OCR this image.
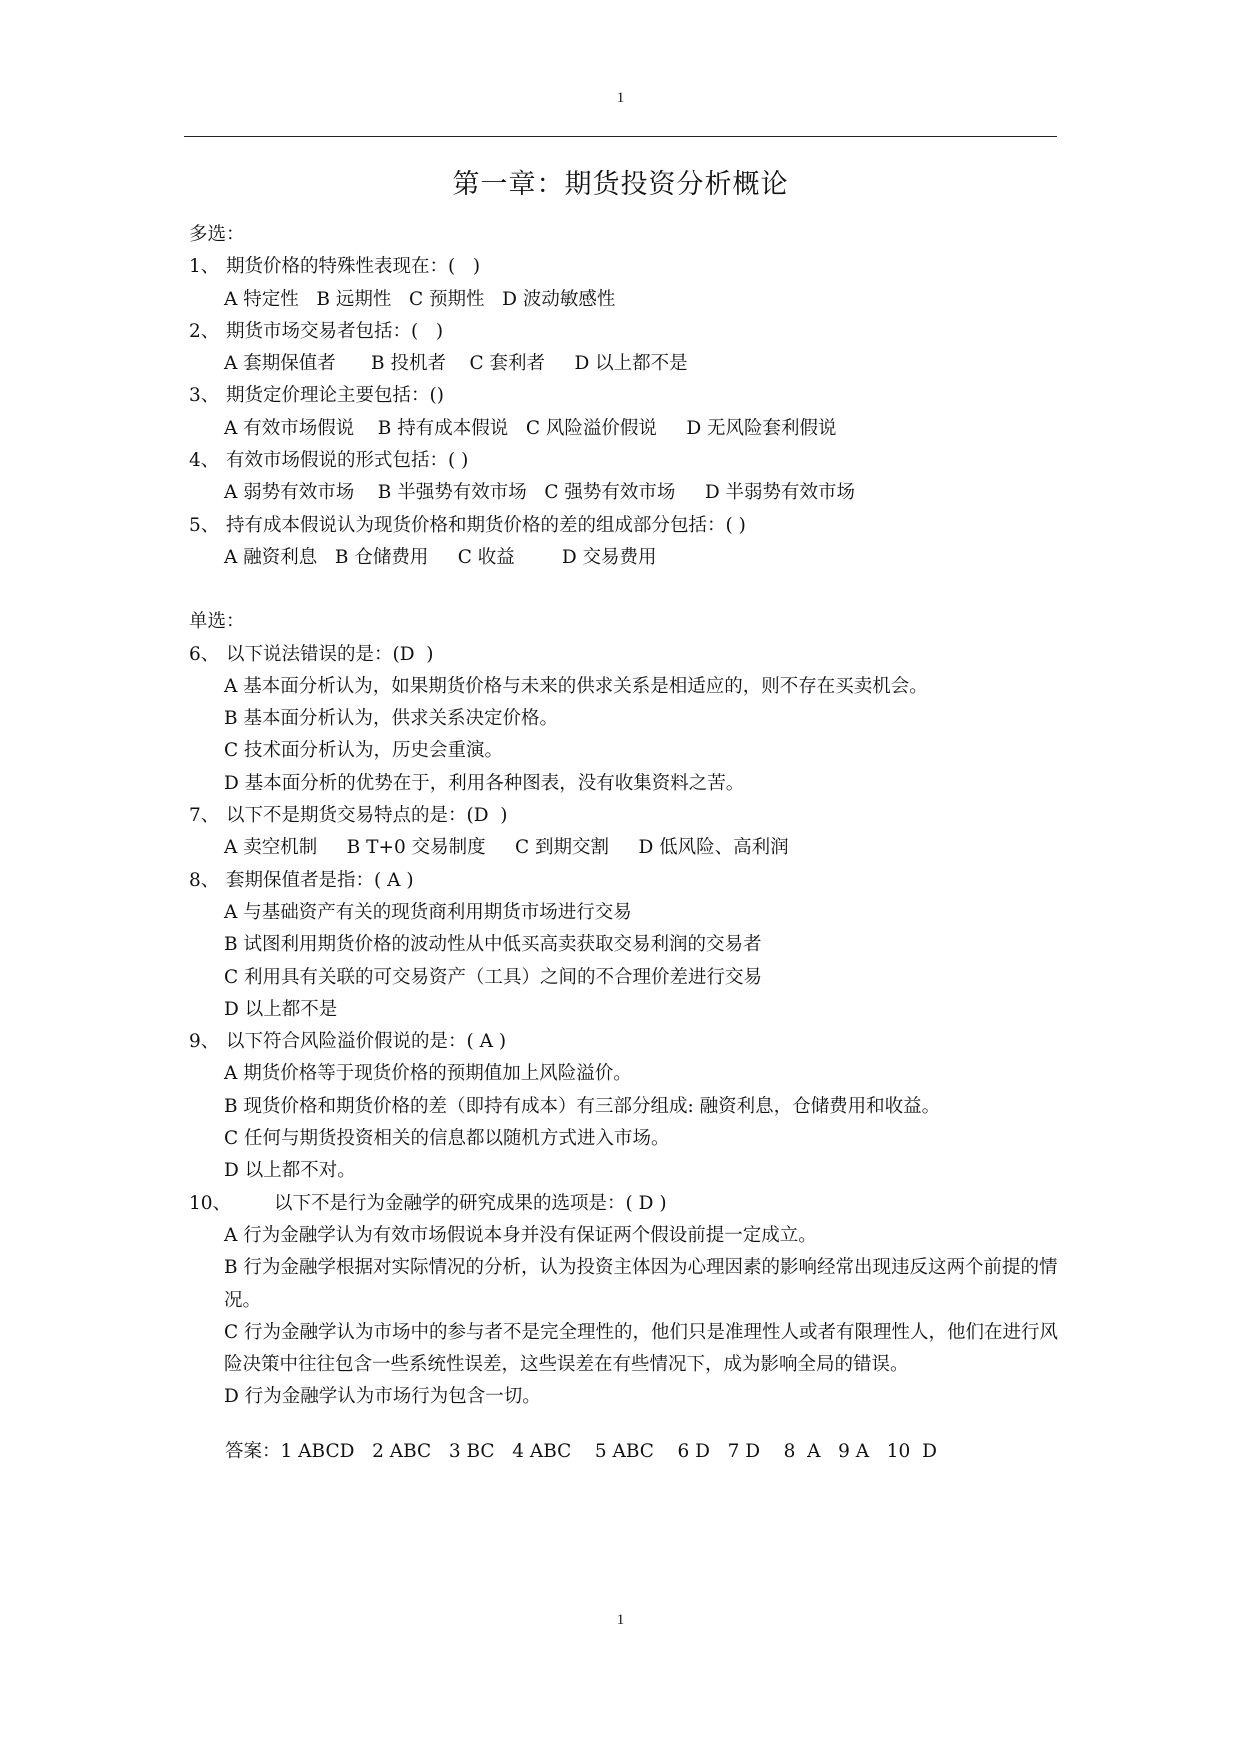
1
第一章：期货投资分析概论
多选：
1、 期货价格的特殊性表现在：(   )
A 特定性   B 远期性   C 预期性   D 波动敏感性
2、 期货市场交易者包括：(   )
A 套期保值者      B 投机者    C 套利者     D 以上都不是
3、 期货定价理论主要包括：()
A 有效市场假说    B 持有成本假说   C 风险溢价假说     D 无风险套利假说
4、 有效市场假说的形式包括：( )
A 弱势有效市场    B 半强势有效市场   C 强势有效市场     D 半弱势有效市场
5、 持有成本假说认为现货价格和期货价格的差的组成部分包括：( )
A 融资利息   B 仓储费用     C 收益        D 交易费用
单选：
6、 以下说法错误的是：(D  )
A 基本面分析认为，如果期货价格与未来的供求关系是相适应的，则不存在买卖机会。
B 基本面分析认为，供求关系决定价格。
C 技术面分析认为，历史会重演。
D 基本面分析的优势在于，利用各种图表，没有收集资料之苦。
7、 以下不是期货交易特点的是：(D  )
A 卖空机制     B T+0 交易制度     C 到期交割     D 低风险、高利润
8、 套期保值者是指：( A )
A 与基础资产有关的现货商利用期货市场进行交易
B 试图利用期货价格的波动性从中低买高卖获取交易利润的交易者
C 利用具有关联的可交易资产（工具）之间的不合理价差进行交易
D 以上都不是
9、 以下符合风险溢价假说的是：( A )
A 期货价格等于现货价格的预期值加上风险溢价。
B 现货价格和期货价格的差（即持有成本）有三部分组成: 融资利息，仓储费用和收益。
C 任何与期货投资相关的信息都以随机方式进入市场。
D 以上都不对。
10、	以下不是行为金融学的研究成果的选项是：( D )
A 行为金融学认为有效市场假说本身并没有保证两个假设前提一定成立。
B 行为金融学根据对实际情况的分析，认为投资主体因为心理因素的影响经常出现违反这两个前提的情况。
C 行为金融学认为市场中的参与者不是完全理性的，他们只是准理性人或者有限理性人，他们在进行风险决策中往往包含一些系统性误差，这些误差在有些情况下，成为影响全局的错误。
D 行为金融学认为市场行为包含一切。
答案：1 ABCD   2 ABC   3 BC   4 ABC    5 ABC    6 D   7 D    8  A   9 A   10  D
1
